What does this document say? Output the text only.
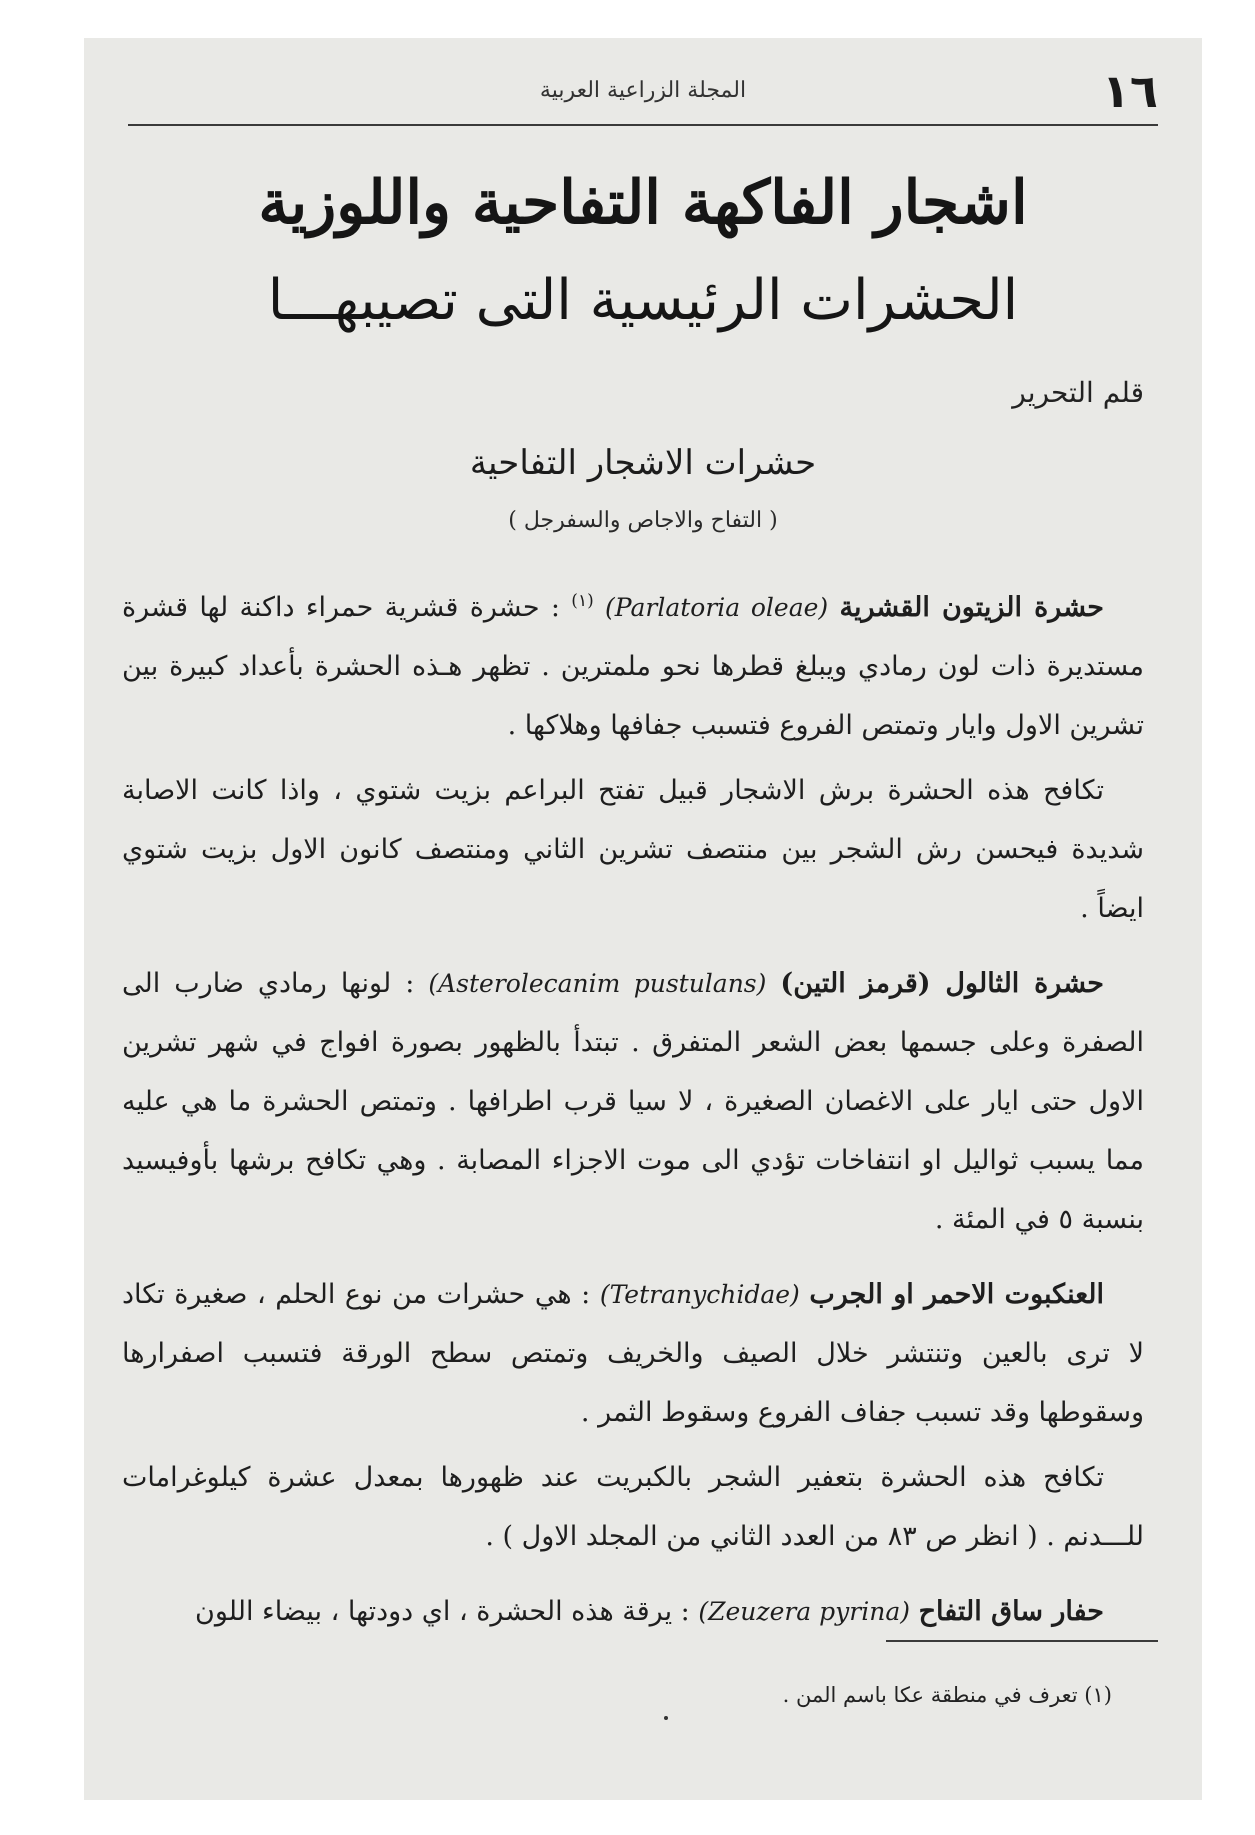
١٦
المجلة الزراعية العربية
اشجار الفاكهة التفاحية واللوزية
الحشرات الرئيسية التى تصيبهـــا
قلم التحرير
حشرات الاشجار التفاحية
( التفاح والاجاص والسفرجل )

حشرة الزيتون القشرية (Parlatoria oleae) $^{(١)}$ : حشرة قشرية حمراء داكنة لها قشرة مستديرة ذات لون رمادي ويبلغ قطرها نحو ملمترين . تظهر هـذه الحشرة بأعداد كبيرة بين تشرين الاول وايار وتمتص الفروع فتسبب جفافها وهلاكها .

تكافح هذه الحشرة برش الاشجار قبيل تفتح البراعم بزيت شتوي ، واذا كانت الاصابة شديدة فيحسن رش الشجر بين منتصف تشرين الثاني ومنتصف كانون الاول بزيت شتوي ايضاً .

حشرة الثالول (قرمز التين) (Asterolecanim pustulans) : لونها رمادي ضارب الى الصفرة وعلى جسمها بعض الشعر المتفرق . تبتدأ بالظهور بصورة افواج في شهر تشرين الاول حتى ايار على الاغصان الصغيرة ، لا سيا قرب اطرافها . وتمتص الحشرة ما هي عليه مما يسبب ثواليل او انتفاخات تؤدي الى موت الاجزاء المصابة . وهي تكافح برشها بأوفيسيد بنسبة ٥ في المئة .

العنكبوت الاحمر او الجرب (Tetranychidae) : هي حشرات من نوع الحلم ، صغيرة تكاد لا ترى بالعين وتنتشر خلال الصيف والخريف وتمتص سطح الورقة فتسبب اصفرارها وسقوطها وقد تسبب جفاف الفروع وسقوط الثمر .

تكافح هذه الحشرة بتعفير الشجر بالكبريت عند ظهورها بمعدل عشرة كيلوغرامات للـــدنم . ( انظر ص ٨٣ من العدد الثاني من المجلد الاول ) .

حفار ساق التفاح (Zeuzera pyrina) : يرقة هذه الحشرة ، اي دودتها ، بيضاء اللون

(١) تعرف في منطقة عكا باسم المن .
